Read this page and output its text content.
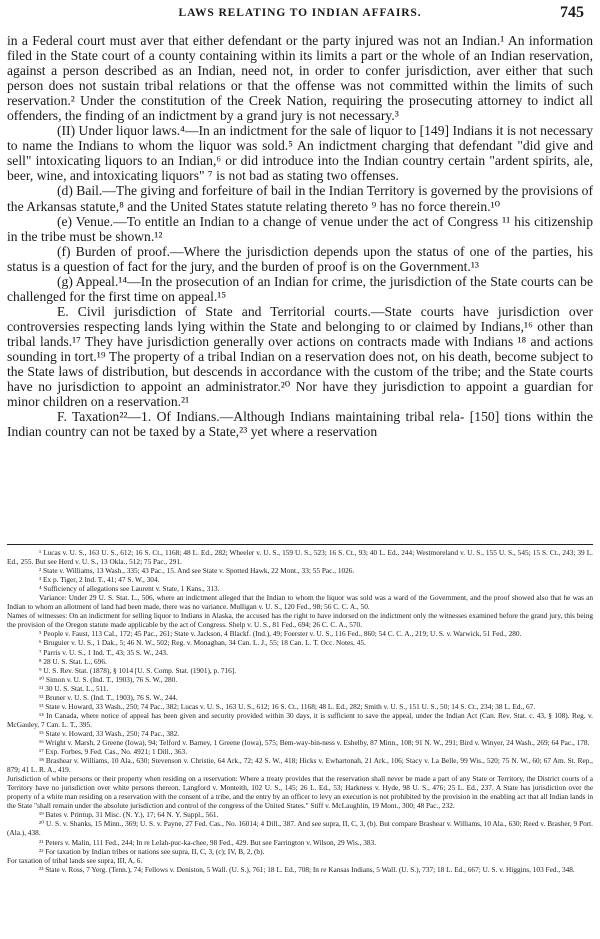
LAWS RELATING TO INDIAN AFFAIRS.	745

in a Federal court must aver that either defendant or the party injured was not an Indian.¹ An information filed in the State court of a county containing within its limits a part or the whole of an Indian reservation, against a person described as an Indian, need not, in order to confer jurisdiction, aver either that such person does not sustain tribal relations or that the offense was not committed within the limits of such reservation.² Under the constitution of the Creek Nation, requiring the prosecuting attorney to indict all offenders, the finding of an indictment by a grand jury is not necessary.³

(II) Under liquor laws.⁴—In an indictment for the sale of liquor to [149] Indians it is not necessary to name the Indians to whom the liquor was sold.⁵ An indictment charging that defendant "did give and sell" intoxicating liquors to an Indian,⁶ or did introduce into the Indian country certain "ardent spirits, ale, beer, wine, and intoxicating liquors" ⁷ is not bad as stating two offenses.

(d) Bail.—The giving and forfeiture of bail in the Indian Territory is governed by the provisions of the Arkansas statute,⁸ and the United States statute relating thereto ⁹ has no force therein.¹⁰

(e) Venue.—To entitle an Indian to a change of venue under the act of Congress ¹¹ his citizenship in the tribe must be shown.¹²

(f) Burden of proof.—Where the jurisdiction depends upon the status of one of the parties, his status is a question of fact for the jury, and the burden of proof is on the Government.¹³

(g) Appeal.¹⁴—In the prosecution of an Indian for crime, the jurisdiction of the State courts can be challenged for the first time on appeal.¹⁵

E. Civil jurisdiction of State and Territorial courts.—State courts have jurisdiction over controversies respecting lands lying within the State and belonging to or claimed by Indians,¹⁶ other than tribal lands.¹⁷ They have jurisdiction generally over actions on contracts made with Indians ¹⁸ and actions sounding in tort.¹⁹ The property of a tribal Indian on a reservation does not, on his death, become subject to the State laws of distribution, but descends in accordance with the custom of the tribe; and the State courts have no jurisdiction to appoint an administrator.²⁰ Nor have they jurisdiction to appoint a guardian for minor children on a reservation.²¹

F. Taxation²²—1. Of Indians.—Although Indians maintaining tribal rela- [150] tions within the Indian country can not be taxed by a State,²³ yet where a reservation

¹ Lucas v. U. S., 163 U. S., 612; 16 S. Ct., 1168; 48 L. Ed., 282; Wheeler v. U. S., 159 U. S., 523; 16 S. Ct., 93; 40 L. Ed., 244; Westmoreland v. U. S., 155 U. S., 545; 15 S. Ct., 243; 39 L. Ed., 255. But see Herd v. U. S., 13 Okla., 512; 75 Pac., 291.

² State v. Williams, 13 Wash., 335; 43 Pac., 15. And see State v. Spotted Hawk, 22 Mont., 33; 55 Pac., 1026.

³ Ex p. Tiger, 2 Ind. T., 41; 47 S. W., 304.

⁴ Sufficiency of allegations see Laurent v. State, 1 Kans., 313.

Variance: Under 29 U. S. Stat. L., 506, where an indictment alleged that the Indian to whom the liquor was sold was a ward of the Government, and the proof showed also that he was an Indian to whom an allotment of land had been made, there was no variance. Mulligan v. U. S., 120 Fed., 98; 56 C. C. A., 50.

Names of witnesses: On an indictment for selling liquor to Indians in Alaska, the accused has the right to have indorsed on the indictment only the witnesses examined before the grand jury, this being the provision of the Oregon statute made applicable by the act of Congress. Shelp v. U. S., 81 Fed., 694; 26 C. C. A., 570.

⁵ People v. Faust, 113 Cal., 172; 45 Pac., 261; State v. Jackson, 4 Blackf. (Ind.), 49; Foerster v. U. S., 116 Fed., 860; 54 C. C. A., 219; U. S. v. Warwick, 51 Fed., 280.

⁶ Bruguier v. U. S., 1 Dak., 5; 46 N. W., 502; Reg. v. Monaghan, 34 Can. L. J., 55; 18 Can. L. T. Occ. Notes, 45.

⁷ Parris v. U. S., 1 Ind. T., 43; 35 S. W., 243.

⁸ 28 U. S. Stat. L., 696.

⁹ U. S. Rev. Stat. (1878), § 1014 [U. S. Comp. Stat. (1901), p. 716].

¹⁰ Simon v. U. S. (Ind. T., 1903), 76 S. W., 280.

¹¹ 30 U. S. Stat. L., 511.

¹² Bruner v. U. S. (Ind. T., 1903), 76 S. W., 244.

¹³ State v. Howard, 33 Wash., 250; 74 Pac., 382; Lucas v. U. S., 163 U. S., 612; 16 S. Ct., 1168; 48 L. Ed., 282; Smith v. U. S., 151 U. S., 50; 14 S. Ct., 234; 38 L. Ed., 67.

¹⁴ In Canada, where notice of appeal has been given and security provided within 30 days, it is sufficient to save the appeal, under the Indian Act (Can. Rev. Stat. c. 43, § 108). Reg. v. McGauley, 7 Can. L. T., 395.

¹⁵ State v. Howard, 33 Wash., 250; 74 Pac., 382.

¹⁶ Wright v. Marsh, 2 Greene (Iowa), 94; Telford v. Barney, 1 Greene (Iowa), 575; Bem-way-bin-ness v. Eshelby, 87 Minn., 108; 91 N. W., 291; Bird v. Winyer, 24 Wash., 269; 64 Pac., 178.

¹⁷ Exp. Forbes, 9 Fed. Cas., No. 4921; 1 Dill., 363.

¹⁸ Brashear v. Williams, 10 Ala., 630; Stevenson v. Christie, 64 Ark., 72; 42 S. W., 418; Hicks v. Ewhartonah, 21 Ark., 106; Stacy v. La Belle, 99 Wis., 520; 75 N. W., 60; 67 Am. St. Rep., 879; 41 L. R. A., 419.

Jurisdiction of white persons or their property when residing on a reservation: Where a treaty provides that the reservation shall never be made a part of any State or Territory, the District courts of a Territory have no jurisdiction over white persons thereon. Langford v. Monteith, 102 U. S., 145; 26 L. Ed., 53; Harkness v. Hyde, 98 U. S., 476; 25 L. Ed., 237. A State has jurisdiction over the property of a white man residing on a reservation with the consent of a tribe, and the entry by an officer to levy an execution is not prohibited by the provision in the enabling act that all Indian lands in the State "shall remain under the absolute jurisdiction and control of the congress of the United States." Stiff v. McLaughlin, 19 Mont., 300; 48 Pac., 232.

¹⁹ Bates v. Printup, 31 Misc. (N. Y.), 17; 64 N. Y. Suppl., 561.

²⁰ U. S. v. Shanks, 15 Minn., 369; U. S. v. Payne, 27 Fed. Cas., No. 16014; 4 Dill., 387. And see supra, II, C, 3, (b). But compare Brashear v. Williams, 10 Ala., 630; Reed v. Brasher, 9 Port. (Ala.), 438.

²¹ Peters v. Malin, 111 Fed., 244; In re Lelah-puc-ka-chee, 98 Fed., 429. But see Farrington v. Wilson, 29 Wis., 383.

²² For taxation by Indian tribes or nations see supra, II, C, 3, (c); IV, B, 2, (b).

For taxation of tribal lands see supra, III, A, 6.

²³ State v. Ross, 7 Yerg. (Tenn.), 74; Fellows v. Deniston, 5 Wall. (U. S.), 761; 18 L. Ed., 708; In re Kansas Indians, 5 Wall. (U. S.), 737; 18 L. Ed., 667; U. S. v. Higgins, 103 Fed., 348.
